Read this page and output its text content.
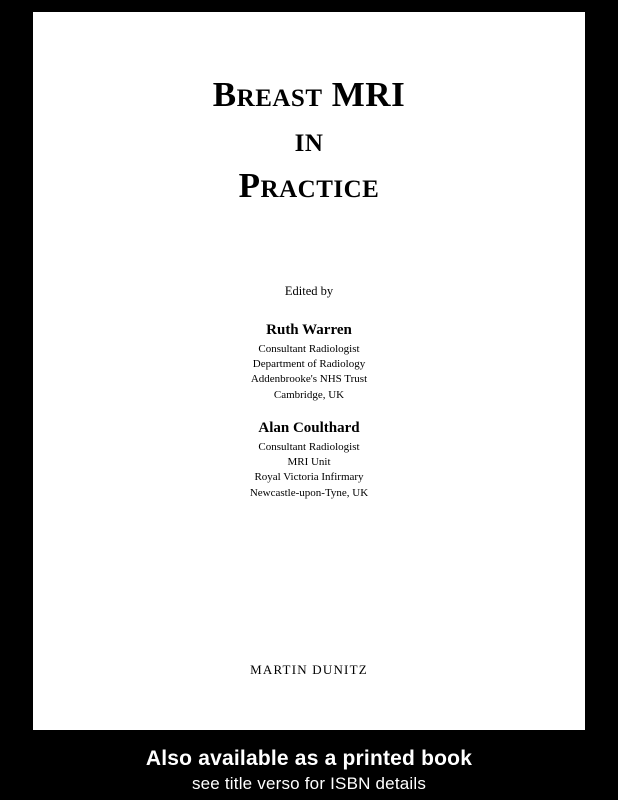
Breast MRI
in
Practice
Edited by
Ruth Warren
Consultant Radiologist
Department of Radiology
Addenbrooke's NHS Trust
Cambridge, UK
Alan Coulthard
Consultant Radiologist
MRI Unit
Royal Victoria Infirmary
Newcastle-upon-Tyne, UK
MARTIN DUNITZ
Also available as a printed book
see title verso for ISBN details
